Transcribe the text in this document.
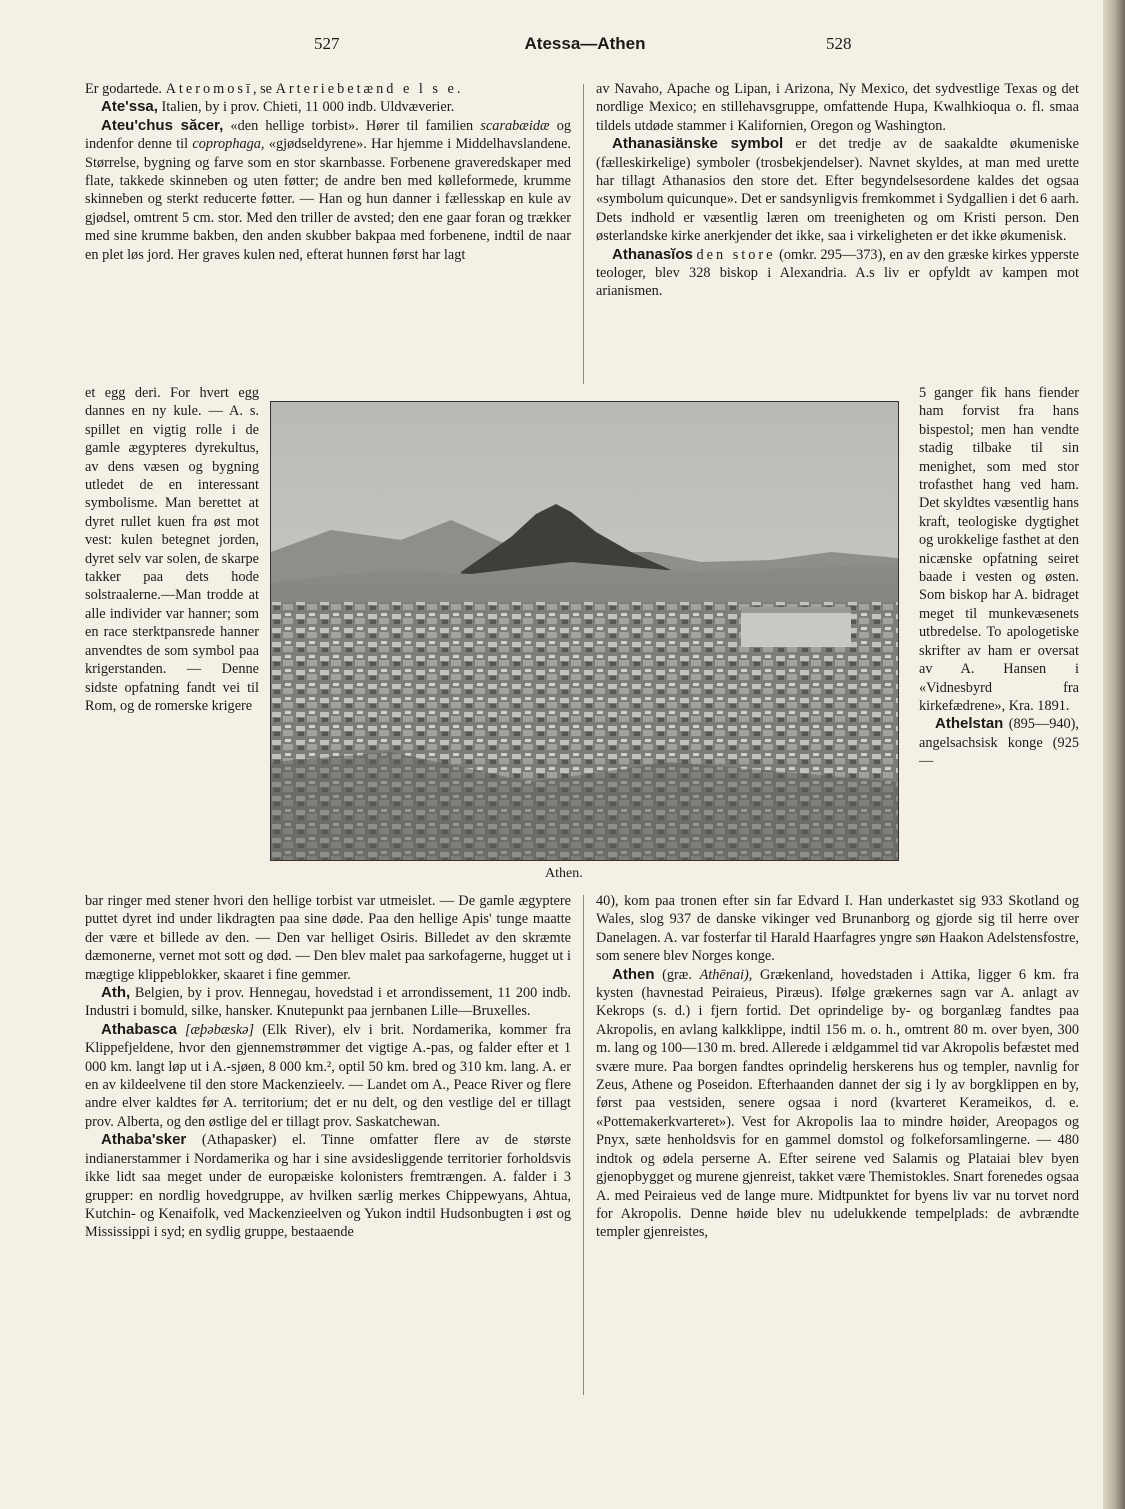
527	Atessa—Athen	528

Er godartede. Ateromosī, se Arteriebetænd e l s e.

Ate'ssa, Italien, by i prov. Chieti, 11 000 indb. Uldvæverier.

Ateu'chus săcer, «den hellige torbist». Hører til familien scarabæidæ og indenfor denne til coprophaga, «gjødseldyrene». Har hjemme i Middelhavslandene. Størrelse, bygning og farve som en stor skarnbasse. Forbenene graveredskaper med flate, takkede skinneben og uten føtter; de andre ben med kølleformede, krumme skinneben og sterkt reducerte føtter. — Han og hun danner i fællesskap en kule av gjødsel, omtrent 5 cm. stor. Med den triller de avsted; den ene gaar foran og trækker med sine krumme bakben, den anden skubber bakpaa med forbenene, indtil de naar en plet løs jord. Her graves kulen ned, efterat hunnen først har lagt

et egg deri. For hvert egg dannes en ny kule. — A. s. spillet en vigtig rolle i de gamle ægypteres dyrekultus, av dens væsen og bygning utledet de en interessant symbolisme. Man berettet at dyret rullet kuen fra øst mot vest: kulen betegnet jorden, dyret selv var solen, de skarpe takker paa dets hode solstraalerne.—Man trodde at alle individer var hanner; som en race sterktpansrede hanner anvendtes de som symbol paa krigerstanden. — Denne sidste opfatning fandt vei til Rom, og de romerske krigere

Athen.

5 ganger fik hans fiender ham forvist fra hans bispestol; men han vendte stadig tilbake til sin menighet, som med stor trofasthet hang ved ham. Det skyldtes væsentlig hans kraft, teologiske dygtighet og urokkelige fasthet at den nicænske opfatning seiret baade i vesten og østen. Som biskop har A. bidraget meget til munkevæsenets utbredelse. To apologetiske skrifter av ham er oversat av A. Hansen i «Vidnesbyrd fra kirkefædrene», Kra. 1891.

Athelstan (895—940), angelsachsisk konge (925—

bar ringer med stener hvori den hellige torbist var utmeislet. — De gamle ægyptere puttet dyret ind under likdragten paa sine døde. Paa den hellige Apis' tunge maatte der være et billede av den. — Den var helliget Osiris. Billedet av den skræmte dæmonerne, vernet mot sott og død. — Den blev malet paa sarkofagerne, hugget ut i mægtige klippeblokker, skaaret i fine gemmer.

Ath, Belgien, by i prov. Hennegau, hovedstad i et arrondissement, 11 200 indb. Industri i bomuld, silke, hansker. Knutepunkt paa jernbanen Lille—Bruxelles.

Athabasca [æþəbæskə] (Elk River), elv i brit. Nordamerika, kommer fra Klippefjeldene, hvor den gjennemstrømmer det vigtige A.-pas, og falder efter et 1 000 km. langt løp ut i A.-sjøen, 8 000 km.², optil 50 km. bred og 310 km. lang. A. er en av kildeelvene til den store Mackenzieelv. — Landet om A., Peace River og flere andre elver kaldtes før A. territorium; det er nu delt, og den vestlige del er tillagt prov. Alberta, og den østlige del er tillagt prov. Saskatchewan.

Athaba'sker (Athapasker) el. Tinne omfatter flere av de største indianerstammer i Nordamerika og har i sine avsidesliggende territorier forholdsvis ikke lidt saa meget under de europæiske kolonisters fremtrængen. A. falder i 3 grupper: en nordlig hovedgruppe, av hvilken særlig merkes Chippewyans, Ahtua, Kutchin- og Kenaifolk, ved Mackenzieelven og Yukon indtil Hudsonbugten i øst og Mississippi i syd; en sydlig gruppe, bestaaende

av Navaho, Apache og Lipan, i Arizona, Ny Mexico, det sydvestlige Texas og det nordlige Mexico; en stillehavsgruppe, omfattende Hupa, Kwalhkioqua o. fl. smaa tildels utdøde stammer i Kalifornien, Oregon og Washington.

Athanasiänske symbol er det tredje av de saakaldte økumeniske (fælleskirkelige) symboler (trosbekjendelser). Navnet skyldes, at man med urette har tillagt Athanasios den store det. Efter begyndelsesordene kaldes det ogsaa «symbolum quicunque». Det er sandsynligvis fremkommet i Sydgallien i det 6 aarh. Dets indhold er væsentlig læren om treenigheten og om Kristi person. Den østerlandske kirke anerkjender det ikke, saa i virkeligheten er det ikke økumenisk.

Athanasĭos den store (omkr. 295—373), en av den græske kirkes ypperste teologer, blev 328 biskop i Alexandria. A.s liv er opfyldt av kampen mot arianismen.

40), kom paa tronen efter sin far Edvard I. Han underkastet sig 933 Skotland og Wales, slog 937 de danske vikinger ved Brunanborg og gjorde sig til herre over Danelagen. A. var fosterfar til Harald Haarfagres yngre søn Haakon Adelstensfostre, som senere blev Norges konge.

Athen (græ. Athēnai), Grækenland, hovedstaden i Attika, ligger 6 km. fra kysten (havnestad Peiraieus, Piræus). Ifølge grækernes sagn var A. anlagt av Kekrops (s. d.) i fjern fortid. Det oprindelige by- og borganlæg fandtes paa Akropolis, en avlang kalkklippe, indtil 156 m. o. h., omtrent 80 m. over byen, 300 m. lang og 100—130 m. bred. Allerede i ældgammel tid var Akropolis befæstet med svære mure. Paa borgen fandtes oprindelig herskerens hus og templer, navnlig for Zeus, Athene og Poseidon. Efterhaanden dannet der sig i ly av borgklippen en by, først paa vestsiden, senere ogsaa i nord (kvarteret Kerameikos, d. e. «Pottemakerkvarteret»). Vest for Akropolis laa to mindre høider, Areopagos og Pnyx, sæte henholdsvis for en gammel domstol og folkeforsamlingerne. — 480 indtok og ødela perserne A. Efter seirene ved Salamis og Plataiai blev byen gjenopbygget og murene gjenreist, takket være Themistokles. Snart forenedes ogsaa A. med Peiraieus ved de lange mure. Midtpunktet for byens liv var nu torvet nord for Akropolis. Denne høide blev nu udelukkende tempelplads: de avbrændte templer gjenreistes,
